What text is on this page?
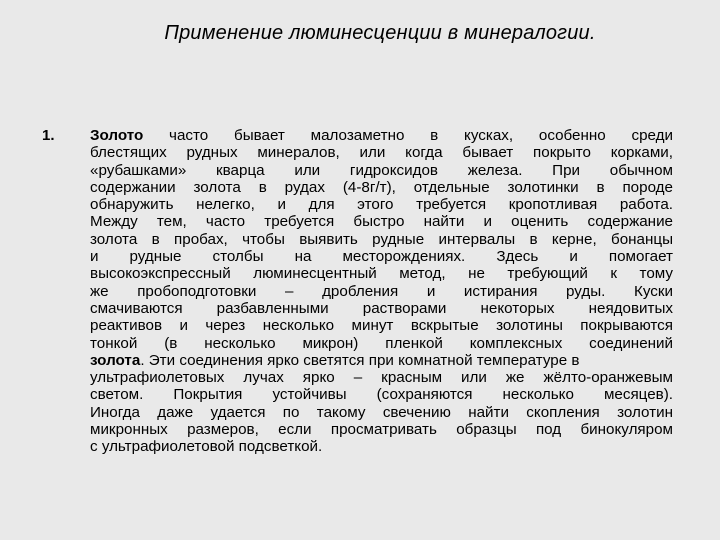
Применение люминесценции в минералогии.
1. Золото часто бывает малозаметно в кусках, особенно среди
блестящих рудных минералов, или когда бывает покрыто корками,
«рубашками» кварца или гидроксидов железа. При обычном
содержании золота в рудах (4-8г/т), отдельные золотинки в породе
обнаружить нелегко, и для этого требуется кропотливая работа.
Между тем, часто требуется быстро найти и оценить содержание
золота в пробах, чтобы выявить рудные интервалы в керне, бонанцы
и рудные столбы на месторождениях. Здесь и помогает
высокоэкспрессный люминесцентный метод, не требующий к тому
же пробоподготовки – дробления и истирания руды. Куски
смачиваются разбавленными растворами некоторых неядовитых
реактивов и через несколько минут вскрытые золотины покрываются
тонкой (в несколько микрон) пленкой комплексных соединений
золота. Эти соединения ярко светятся при комнатной температуре в
ультрафиолетовых лучах ярко – красным или же жёлто-оранжевым
светом. Покрытия устойчивы (сохраняются несколько месяцев).
Иногда даже удается по такому свечению найти скопления золотин
микронных размеров, если просматривать образцы под бинокуляром
с ультрафиолетовой подсветкой.
